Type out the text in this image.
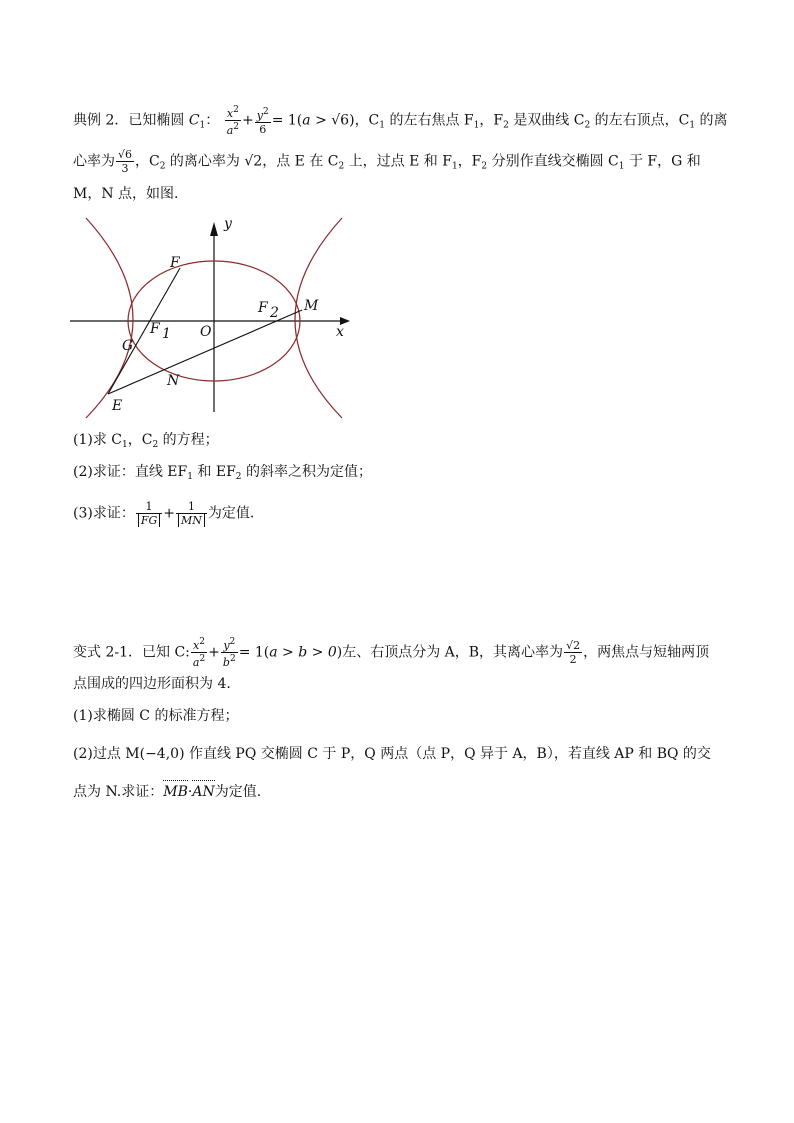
典例 2．已知椭圆 $C_1$： $\frac{x^2}{a^2} + \frac{y^2}{6} = 1(a > √6)$，$C_1$ 的左右焦点 $F_1$，$F_2$ 是双曲线 $C_2$ 的左右顶点，$C_1$ 的离
心率为 $\frac{√6}{3}$ ，$C_2$ 的离心率为 √2，点 E 在 $C_2$ 上，过点 E 和 $F_1$，$F_2$ 分别作直线交椭圆 $C_1$ 于 F，G 和
M，N 点，如图.
y
x
O
F
F 1
F 2 M
G
N
E
(1)求 $C_1$，$C_2$ 的方程；
(2)求证：直线 $EF_1$ 和 $EF_2$ 的斜率之积为定值；
(3)求证： $\frac{1}{FG} + \frac{1}{MN}$ 为定值.
变式 2-1．已知 C: $\frac{x^2}{a^2} + \frac{y^2}{b^2} = 1(a > b > 0)$左、右顶点分为 A，B，其离心率为 $\frac{√2}{2}$ ，两焦点与短轴两顶
点围成的四边形面积为 4.
(1)求椭圆 C 的标准方程；
(2)过点 M(−4,0) 作直线 PQ 交椭圆 C 于 P，Q 两点（点 P，Q 异于 A，B），若直线 AP 和 BQ 的交
点为 N.求证：MB·AN为定值.
